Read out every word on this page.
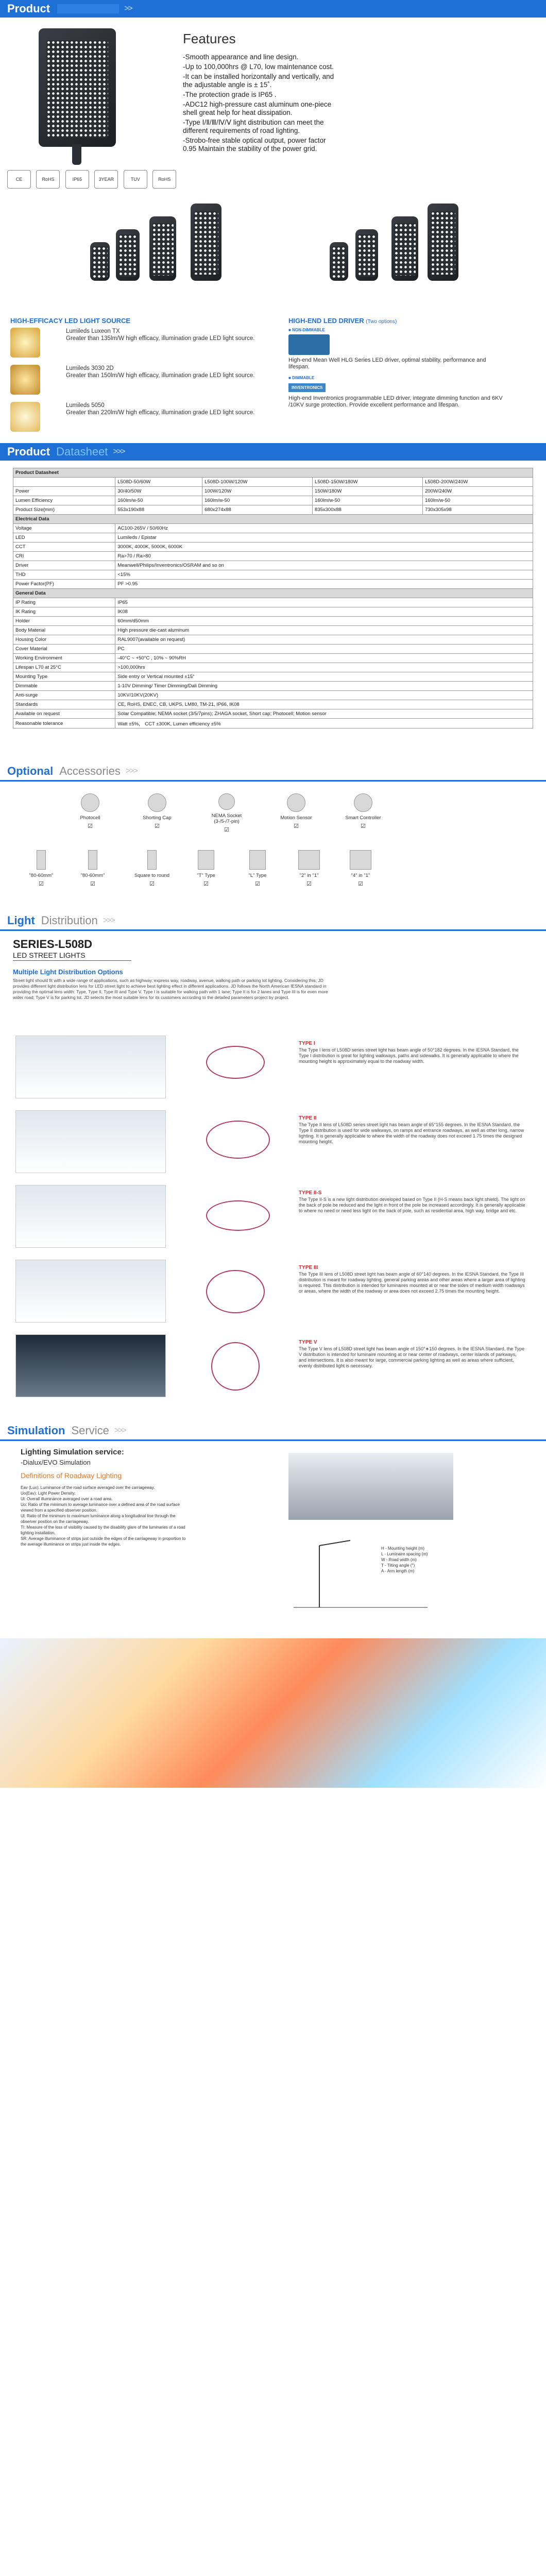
Product	>>
Features

-Smooth appearance and line design.

-Up to 100,000hrs @ L70, low maintenance cost.

-It can be installed horizontally and vertically, and the adjustable angle is ± 15˚.

-The protection grade is IP65 .

-ADC12 high-pressure cast aluminum one-piece shell great help for heat dissipation.

-Type Ⅰ/Ⅱ/Ⅲ/Ⅳ/Ⅴ light distribution can meet the different requirements of road lighting.

-Strobo-free stable optical output, power factor 0.95 Maintain the stability of the power grid.

CE	RoHS	IP65	3YEAR	TUV	RoHS
HIGH-EFFICACY LED LIGHT SOURCE
Lumileds Luxeon TX
Greater than 135lm/W high efficacy, illumination grade LED light source.
Lumileds 3030 2D
Greater than 150lm/W high efficacy, illumination grade LED light source.
Lumileds 5050
Greater than 220lm/W high efficacy, illumination grade LED light source.
HIGH-END LED DRIVER (Two options)
■ NON-DIMMABLE
High-end Mean Well HLG Series LED driver, optimal stability, performance and lifespan.
■ DIMMABLE
INVENTRONICS
High-end Inventronics programmable LED driver, integrate dimming function and 6KV /10KV surge protection. Provide excellent performance and lifespan.
Product Datasheet >>>
Product Datasheet				
	L508D-50/60W	L508D-100W/120W	L508D-150W/180W	L508D-200W/240W
Power	30/40/50W	100W/120W	150W/180W	200W/240W
Lumen Efficiency	160lm/w-50	160lm/w-50	160lm/w-50	160lm/w-50
Product Size(mm)	553x190x88	680x274x88	835x300x88	730x305x98
Electrical Data				
Voltage	AC100-265V / 50/60Hz			
LED	Lumileds / Epistar			
CCT	3000K, 4000K, 5000K, 6000K			
CRI	Ra>70 / Ra>80			
Driver	Meanwell/Philips/Inventronics/OSRAM and so on			
THD	<15%			
Power Factor(PF)	PF >0.95			
General Data				
IP Rating	IP65			
IK Rating	IK08			
Holder	60mm/d50mm			
Body Material	High pressure die-cast aluminum			
Housing Color	RAL9007(available on request)			
Cover Material	PC			
Working Environment	-40°C ~ +50°C , 10% ~ 90%RH			
Lifespan L70 at 25°C	>100,000hrs			
Mounting Type	Side entry or Vertical mounted ±15°			
Dimmable	1-10V Dimming/ Timer Dimming/Dali Dimming			
Anti-surge	10KV/10KV(20KV)			
Standards	CE, RoHS, ENEC, CB, UKPS, LM80, TM-21, IP66, IK08			
Available on request	Solar Compatible; NEMA socket (3/5/7pins); ZHAGA socket, Short cap; Photocell; Motion sensor			
Reasonable tolerance	Watt ±5%， CCT ±300K, Lumen efficiency ±5%			
Optional Accessories >>>
Photocell
☑
Shorting Cap
☑
NEMA Socket (3-/5-/7-pin)
☑
Motion Sensor
☑
Smart Controller
☑
"80-60mm"
☑
"80-60mm"
☑
Square to round
☑
"T" Type
☑
"L" Type
☑
"2" in "1"
☑
"4" in "1"
☑
Light Distribution >>>
SERIES-L508D
LED STREET LIGHTS
Multiple Light Distribution Options
Street light should fit with a wide range of applications, such as highway, express way, roadway, avenue, walking path or parking lot lighting. Considering this, JD provides different light distribution lens for LED street light to achieve best lighting effect in different applications. JD follows the North American IESNA standard in providing the optimal lens width: Type, Type II, Type III and Type V. Type I is suitable for walking path with 1 lane; Type II is for 2 lanes and Type III is for even more wider road; Type V is for parking lot. JD selects the most suitable lens for its customers according to the detailed parameters project by project.
TYPE I
The Type I lens of L508D series street light has beam angle of 50°182 degrees. In the IESNA Standard, the Type I distribution is great for lighting walkways, paths and sidewalks. It is generally applicable to where the mounting height is approximately equal to the roadway width.
TYPE II
The Type II lens of L508D series street light has beam angle of 65°155 degrees. In the IESNA Standard, the Type II distribution is used for wide walkways, on ramps and entrance roadways, as well as other long, narrow lighting. It is generally applicable to where the width of the roadway does not exceed 1.75 times the designed mounting height.
TYPE II-S
The Type II-S is a new light distribution developed based on Type II (H-S means back light shield). The light on the back of pole be reduced and the light in front of the pole be increased accordingly. It is generally applicable to where no need or need less light on the back of pole, such as residential area, high way, bridge and etc.
TYPE III
The Type III lens of L508D street light has beam angle of 60°140 degrees. In the IESNA Standard, the Type III distribution is meant for roadway lighting, general parking areas and other areas where a larger area of lighting is required. This distribution is intended for luminaires mounted at or near the sides of medium width roadways or areas, where the width of the roadway or area does not exceed 2.75 times the mounting height.
TYPE V
The Type V lens of L508D street light has beam angle of 150°∗150 degrees. In the IESNA Standard, the Type V distribution is intended for luminaire mounting at or near center of roadways, center islands of parkways, and intersections. It is also meant for large, commercial parking lighting as well as areas where sufficient, evenly distributed light is necessary.
Simulation Service >>>
Lighting Simulation service:
-Dialux/EVO Simulation
Definitions of Roadway Lighting
Eav (Lux): Luminance of the road surface averaged over the carriageway.
Uo(Eav): Light Power Density.
Ul: Overall illuminance averaged over a road area.
Uo: Ratio of the minimum to average luminance over a defined area of the road surface viewed from a specified observer position.
Ul: Ratio of the minimum to maximum luminance along a longitudinal line through the observer position on the carriageway.
TI: Measure of the loss of visibility caused by the disability glare of the luminaries of a road lighting installation.
SR: Average illuminance of strips just outside the edges of the carriageway in proportion to the average illuminance on strips just inside the edges.
H - Mounting height (m)
L - Luminaire spacing (m)
W - Road width (m)
T - Tilting angle (°)
A - Arm length (m)
